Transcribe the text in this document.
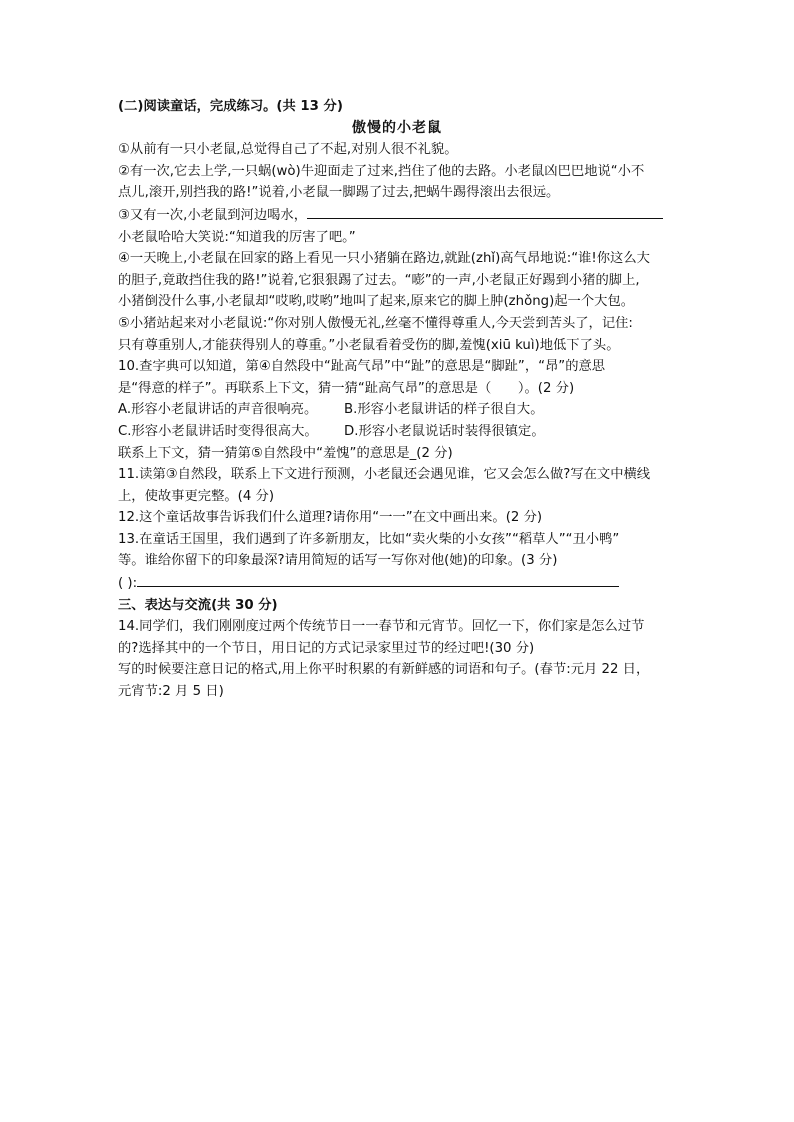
(二)阅读童话，完成练习。(共 13 分)
傲慢的小老鼠
①从前有一只小老鼠,总觉得自己了不起,对别人很不礼貌。
②有一次,它去上学,一只蜗(wò)牛迎面走了过来,挡住了他的去路。小老鼠凶巴巴地说“小不
点儿,滚开,别挡我的路!”说着,小老鼠一脚踢了过去,把蜗牛踢得滚出去很远。
③又有一次,小老鼠到河边喝水，
小老鼠哈哈大笑说:“知道我的厉害了吧。”
④一天晚上,小老鼠在回家的路上看见一只小猪躺在路边,就趾(zhǐ)高气昂地说:“谁!你这么大
的胆子,竟敢挡住我的路!”说着,它狠狠踢了过去。“嘭”的一声,小老鼠正好踢到小猪的脚上,
小猪倒没什么事,小老鼠却“哎哟,哎哟”地叫了起来,原来它的脚上肿(zhǒng)起一个大包。
⑤小猪站起来对小老鼠说:“你对别人傲慢无礼,丝毫不懂得尊重人,今天尝到苦头了，记住:
只有尊重别人,才能获得别人的尊重。”小老鼠看着受伤的脚,羞愧(xiū kuì)地低下了头。
10.查字典可以知道，第④自然段中“趾高气昂”中“趾”的意思是“脚趾”，“昂”的意思
是“得意的样子”。再联系上下文，猜一猜“趾高气昂”的意思是（　　）。(2 分)
A.形容小老鼠讲话的声音很响亮。	B.形容小老鼠讲话的样子很自大。
C.形容小老鼠讲话时变得很高大。	D.形容小老鼠说话时装得很镇定。
联系上下文，猜一猜第⑤自然段中“羞愧”的意思是_(2 分)
11.读第③自然段，联系上下文进行预测，小老鼠还会遇见谁，它又会怎么做?写在文中横线
上，使故事更完整。(4 分)
12.这个童话故事告诉我们什么道理?请你用“一一”在文中画出来。(2 分)
13.在童话王国里，我们遇到了许多新朋友，比如“卖火柴的小女孩”“稻草人”“丑小鸭”
等。谁给你留下的印象最深?请用简短的话写一写你对他(她)的印象。(3 分)
( ):
三、表达与交流(共 30 分)
14.同学们，我们刚刚度过两个传统节日一一春节和元宵节。回忆一下，你们家是怎么过节
的?选择其中的一个节日，用日记的方式记录家里过节的经过吧!(30 分)
写的时候要注意日记的格式,用上你平时积累的有新鲜感的词语和句子。(春节:元月 22 日，
元宵节:2 月 5 日)
